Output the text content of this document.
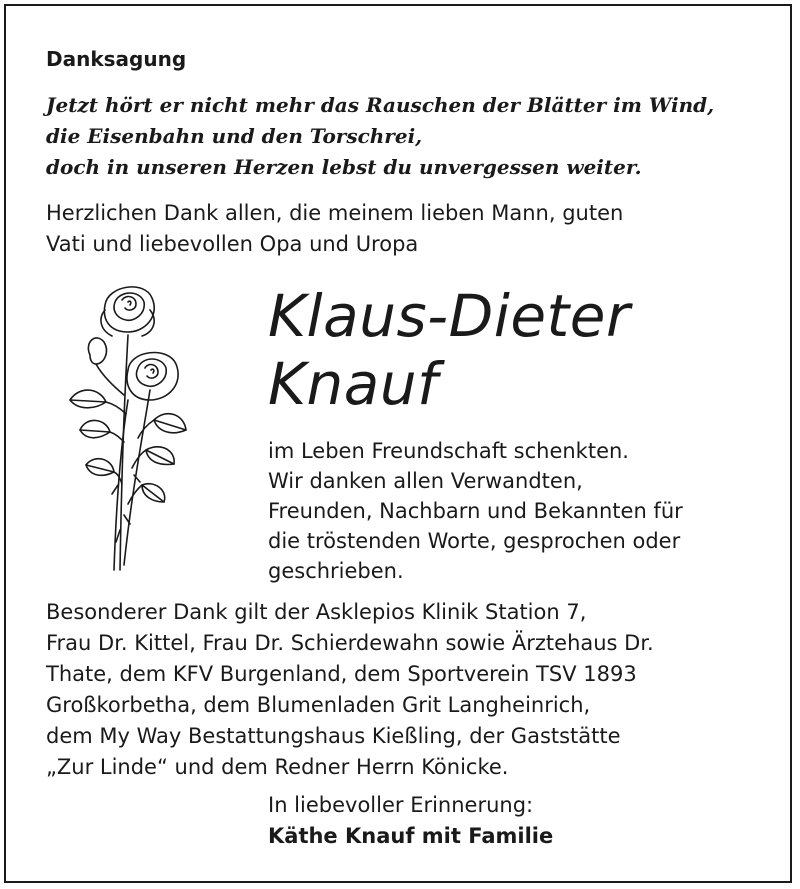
Danksagung
Jetzt hört er nicht mehr das Rauschen der Blätter im Wind,
die Eisenbahn und den Torschrei,
doch in unseren Herzen lebst du unvergessen weiter.
Herzlichen Dank allen, die meinem lieben Mann, guten
Vati und liebevollen Opa und Uropa
Klaus-Dieter
Knauf
im Leben Freundschaft schenkten.
Wir danken allen Verwandten,
Freunden, Nachbarn und Bekannten für
die tröstenden Worte, gesprochen oder
geschrieben.
Besonderer Dank gilt der Asklepios Klinik Station 7,
Frau Dr. Kittel, Frau Dr. Schierdewahn sowie Ärztehaus Dr.
Thate, dem KFV Burgenland, dem Sportverein TSV 1893
Großkorbetha, dem Blumenladen Grit Langheinrich,
dem My Way Bestattungshaus Kießling, der Gaststätte
„Zur Linde“ und dem Redner Herrn Könicke.
In liebevoller Erinnerung:
Käthe Knauf mit Familie
